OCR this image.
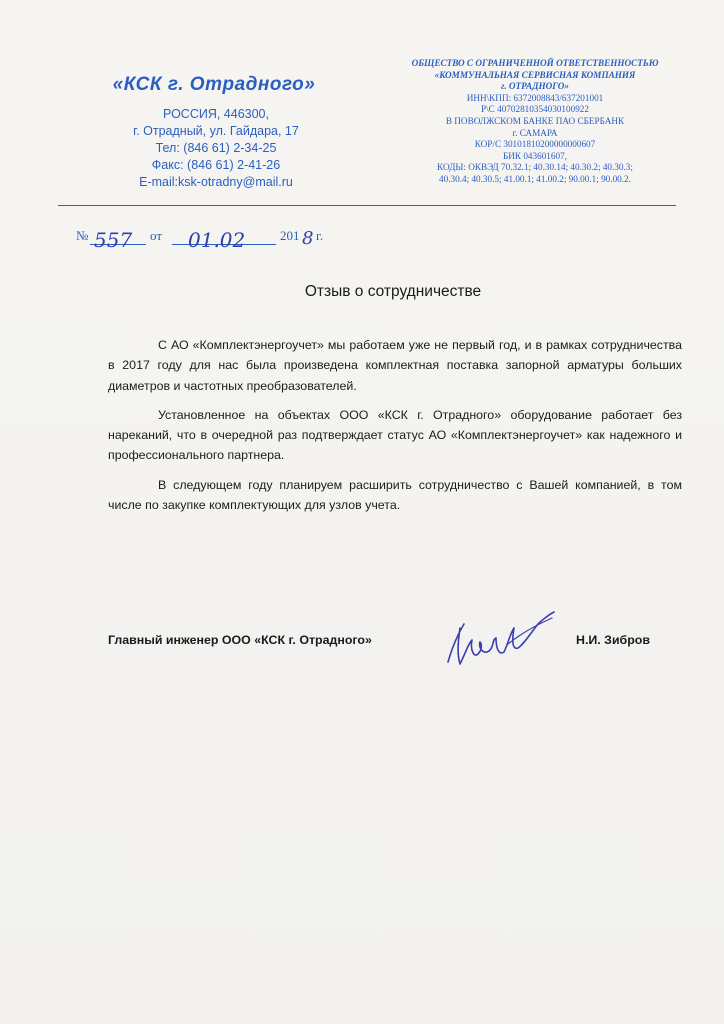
«КСК г. Отрадного»
РОССИЯ, 446300,
г. Отрадный, ул. Гайдара, 17
Тел: (846 61) 2-34-25
Факс: (846 61) 2-41-26
E-mail:ksk-otradny@mail.ru
ОБЩЕСТВО С ОГРАНИЧЕННОЙ ОТВЕТСТВЕННОСТЬЮ
«КОММУНАЛЬНАЯ СЕРВИСНАЯ КОМПАНИЯ
г. ОТРАДНОГО»
ИНН\КПП: 6372008843/637201001
Р\С 40702810354030100922
В ПОВОЛЖСКОМ БАНКЕ ПАО СБЕРБАНК
г. САМАРА
КОР/С 30101810200000000607
БИК 043601607,
КОДЫ: ОКВЭД 70.32.1; 40.30.14; 40.30.2; 40.30.3;
40.30.4; 40.30.5; 41.00.1; 41.00.2; 90.00.1; 90.00.2.
№ 557 от 01.02	201 8 г.
Отзыв о сотрудничестве

С АО «Комплектэнергоучет» мы работаем уже не первый год, и в рамках сотрудничества в 2017 году для нас была произведена комплектная поставка запорной арматуры больших диаметров и частотных преобразователей.

Установленное на объектах ООО «КСК г. Отрадного» оборудование работает без нареканий, что в очередной раз подтверждает статус АО «Комплектэнергоучет» как надежного и профессионального партнера.

В следующем году планируем расширить сотрудничество с Вашей компанией, в том числе по закупке комплектующих для узлов учета.

Главный инженер ООО «КСК г. Отрадного»	Н.И. Зибров
